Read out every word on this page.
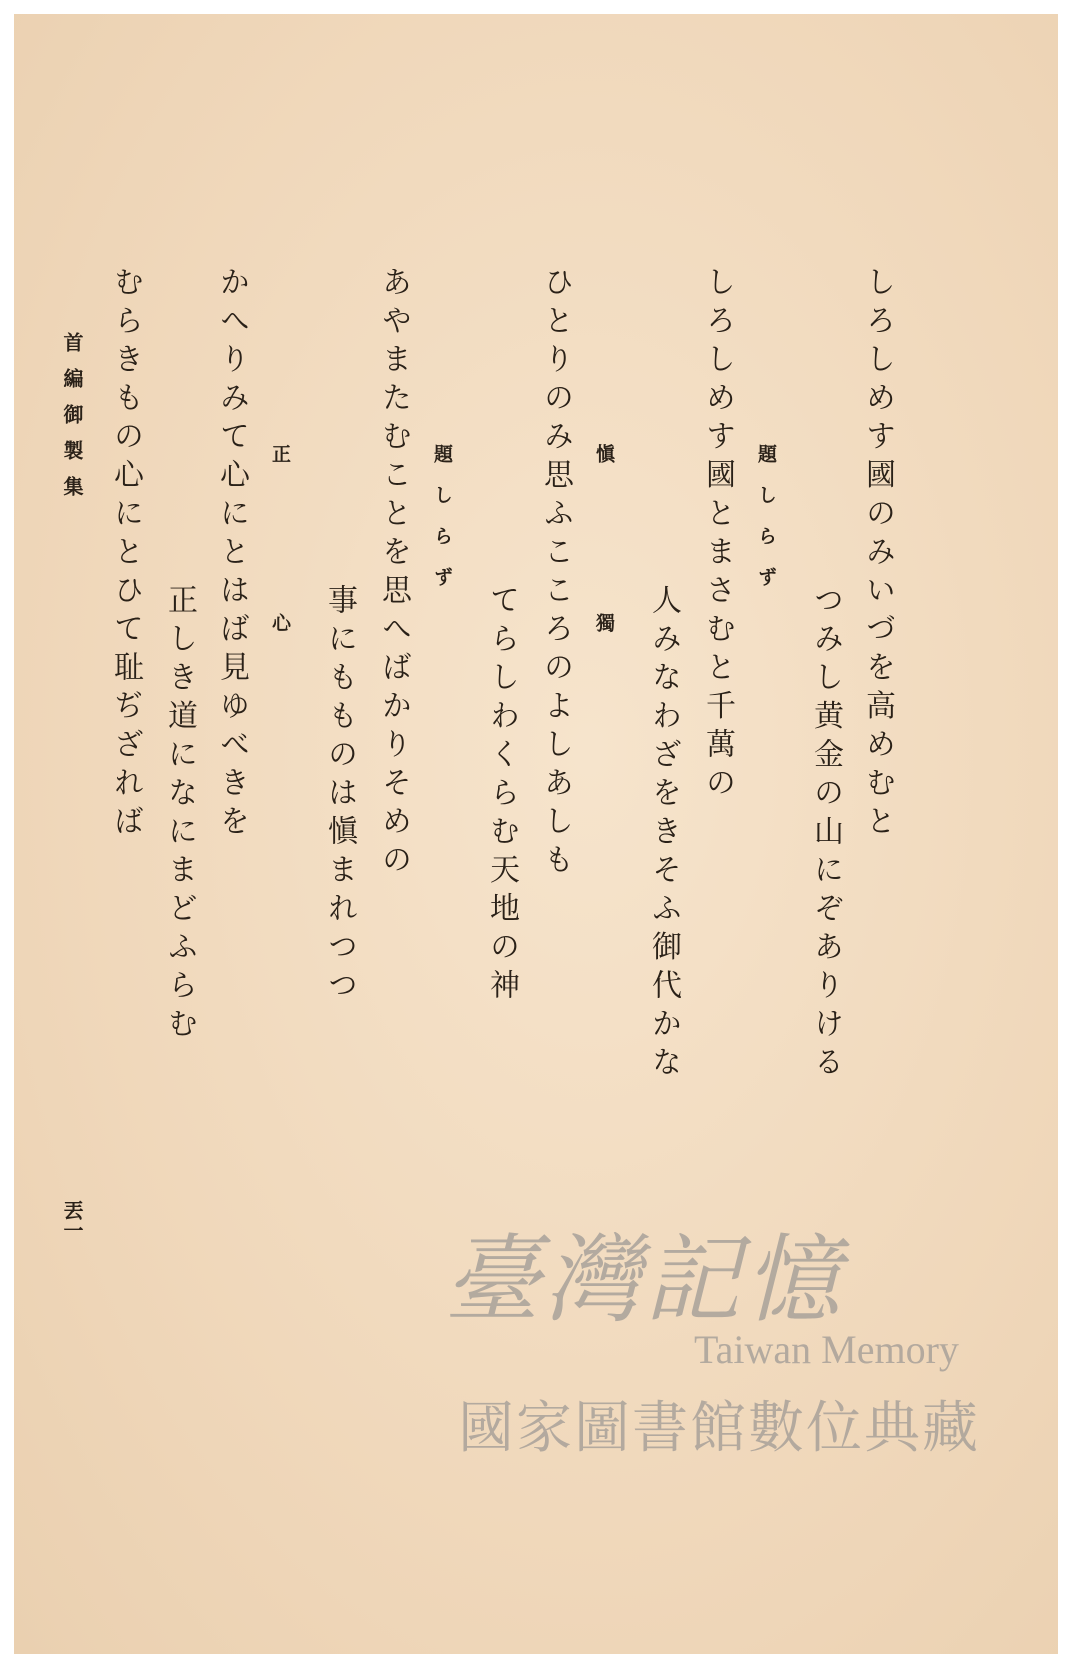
しろしめす國のみいづを高めむと
つみし黄金の山にぞありける
題しらず
しろしめす國とまさむと千萬の
人みなわざをきそふ御代かな
愼獨
ひとりのみ思ふこころのよしあしも
てらしわくらむ天地の神
題しらず
あやまたむことを思へばかりそめの
事にもものは愼まれつつ
正心
かへりみて心にとはば見ゆべきを
正しき道になにまどふらむ
むらきもの心にとひて耻ぢざれば
首編御製集
丟一
臺灣記憶
Taiwan Memory
國家圖書館數位典藏
